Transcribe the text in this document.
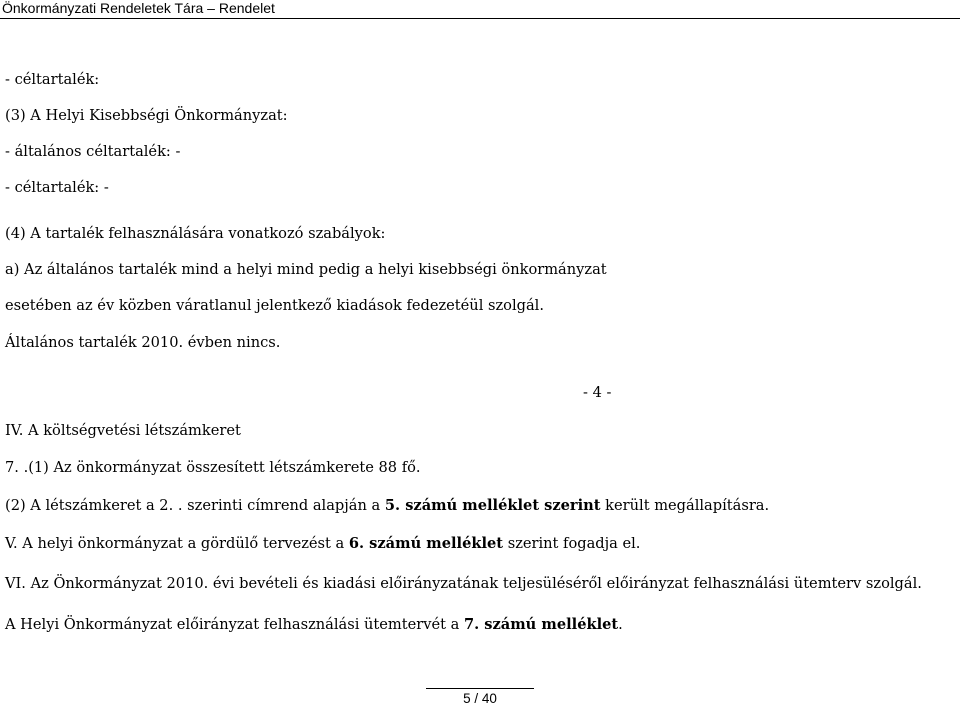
Önkormányzati Rendeletek Tára – Rendelet
- céltartalék:
(3) A Helyi Kisebbségi Önkormányzat:
- általános céltartalék: -
- céltartalék: -
(4) A tartalék felhasználására vonatkozó szabályok:
a) Az általános tartalék mind a helyi mind pedig a helyi kisebbségi önkormányzat
esetében az év közben váratlanul jelentkező kiadások fedezetéül szolgál.
Általános tartalék 2010. évben nincs.
- 4 -
IV. A költségvetési létszámkeret
7. .(1) Az önkormányzat összesített létszámkerete 88 fő.
(2) A létszámkeret a 2. . szerinti címrend alapján a 5. számú melléklet szerint került megállapításra.
V. A helyi önkormányzat a gördülő tervezést a 6. számú melléklet szerint fogadja el.
VI. Az Önkormányzat 2010. évi bevételi és kiadási előirányzatának teljesüléséről előirányzat felhasználási ütemterv szolgál.
A Helyi Önkormányzat előirányzat felhasználási ütemtervét a 7. számú melléklet.
5 / 40
